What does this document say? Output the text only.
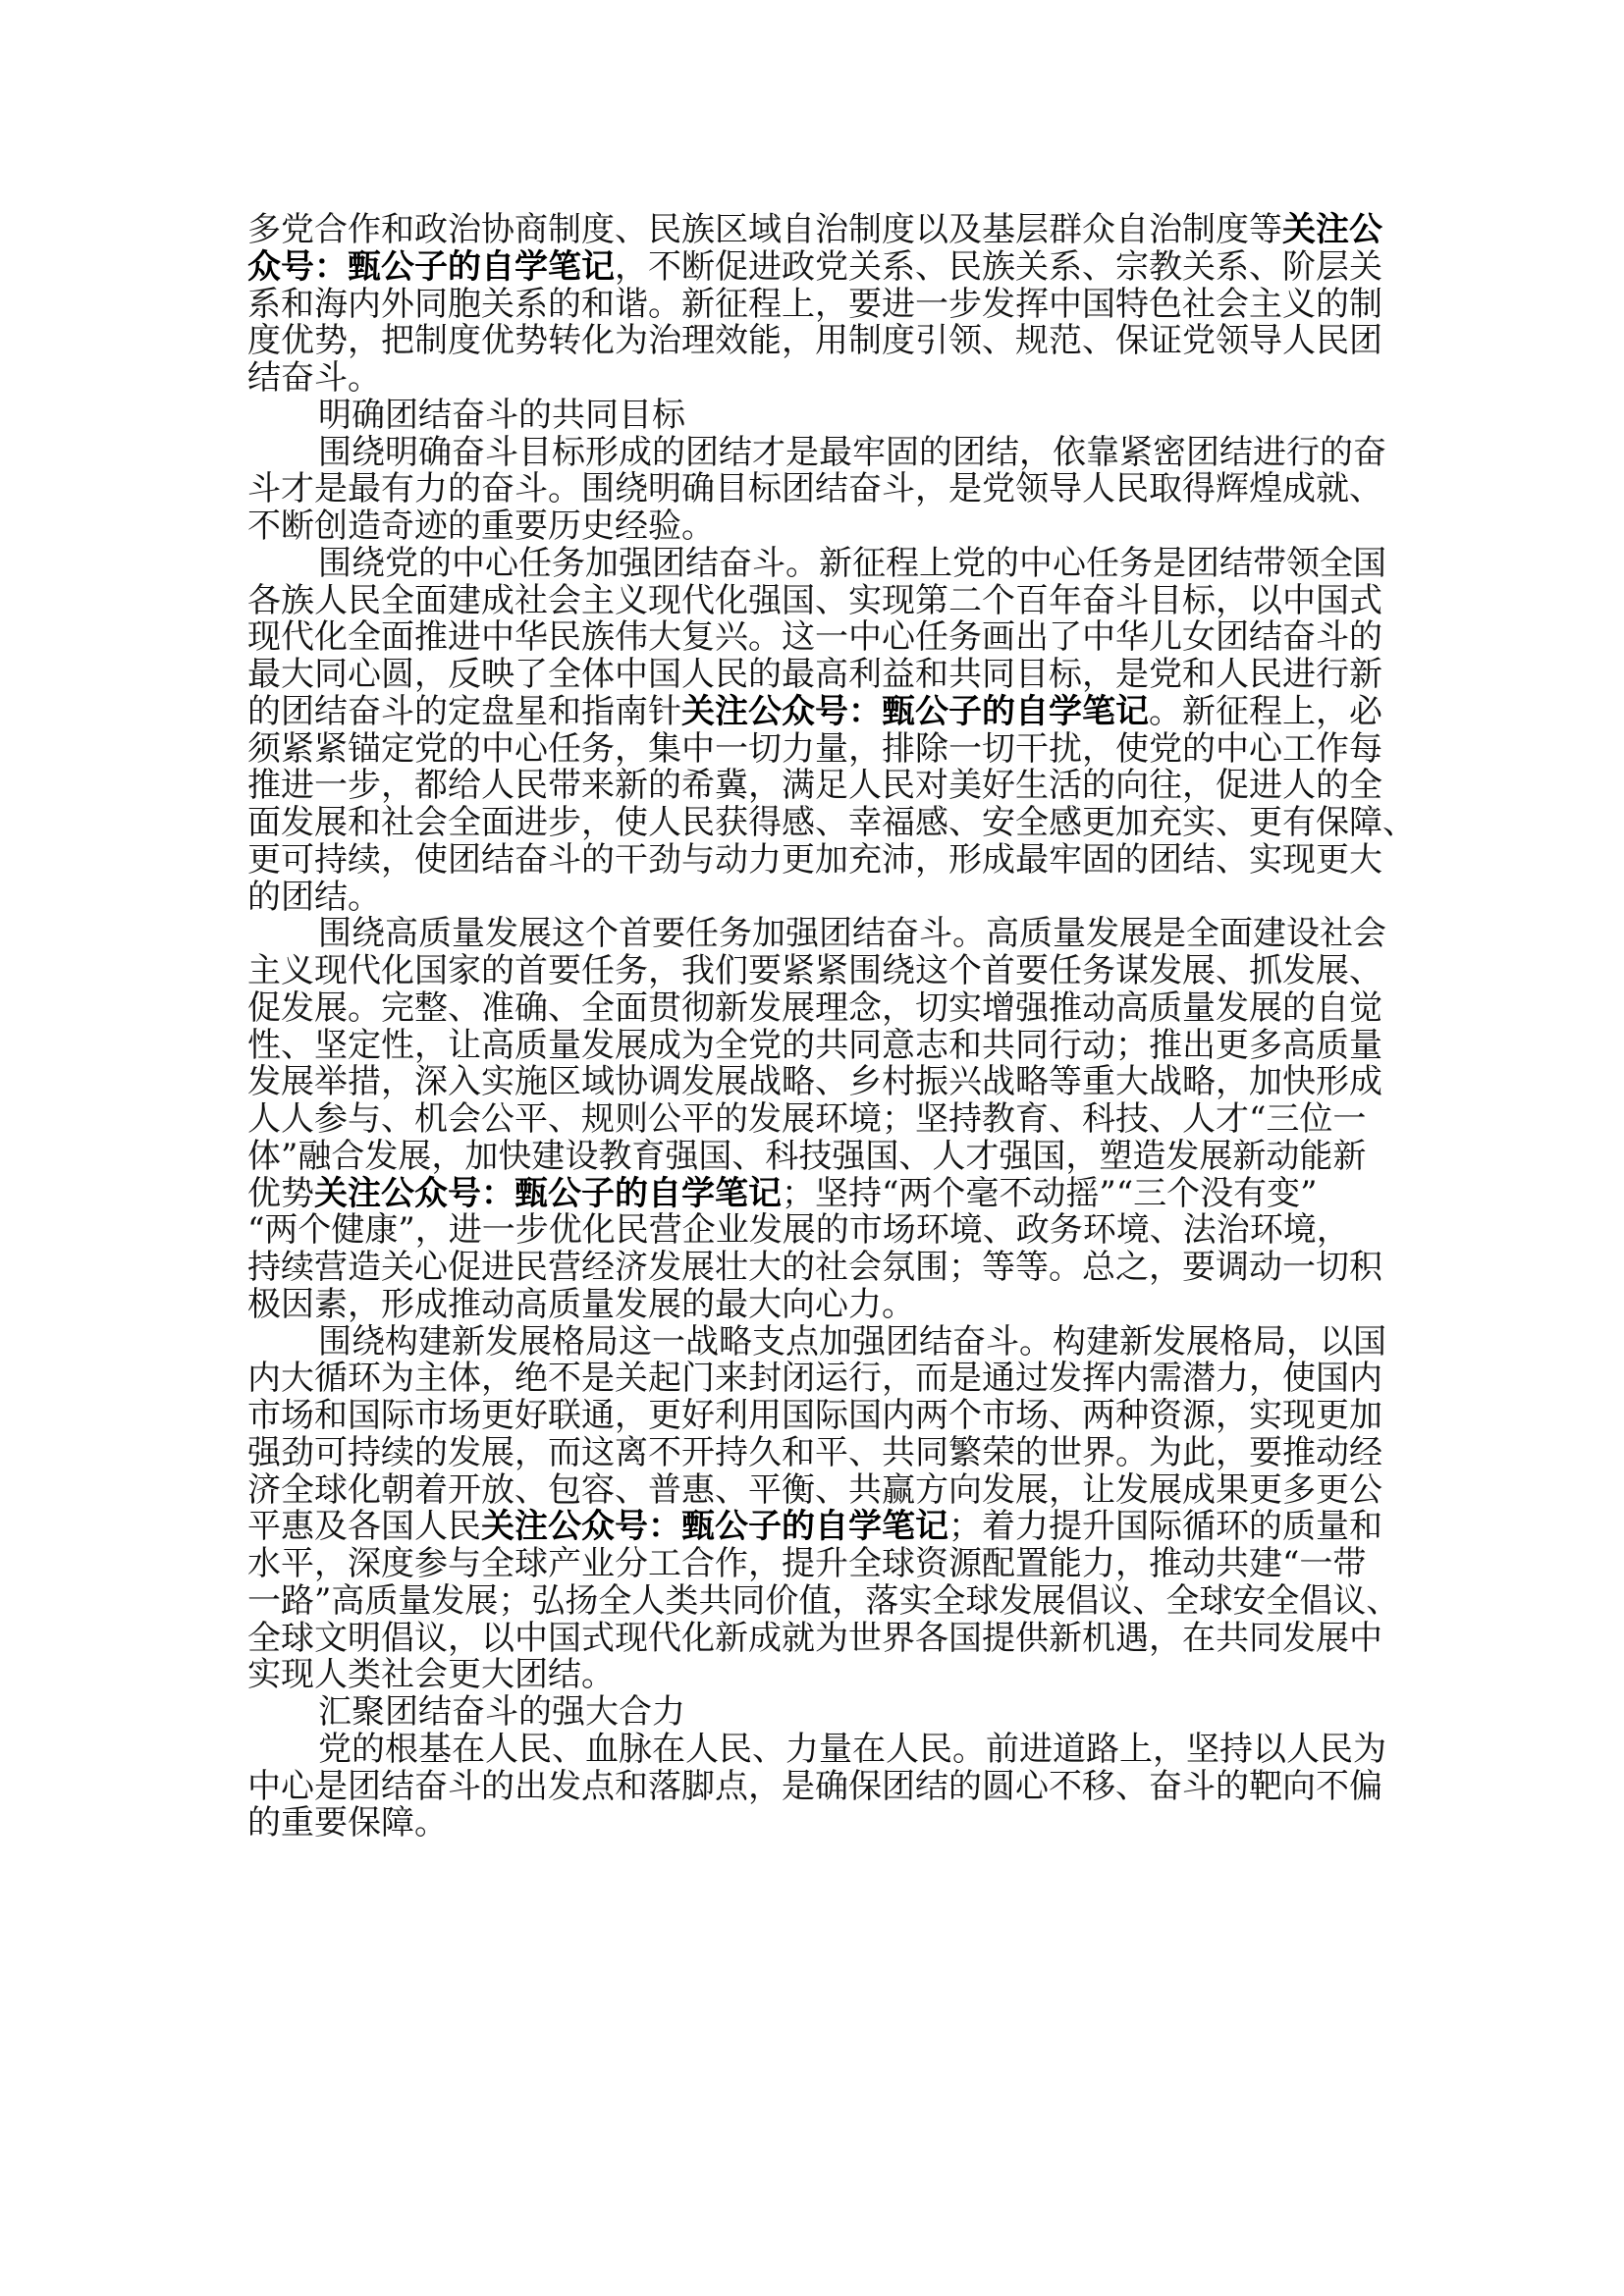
多党合作和政治协商制度、民族区域自治制度以及基层群众自治制度等关注公
众号：甄公子的自学笔记，不断促进政党关系、民族关系、宗教关系、阶层关
系和海内外同胞关系的和谐。新征程上，要进一步发挥中国特色社会主义的制
度优势，把制度优势转化为治理效能，用制度引领、规范、保证党领导人民团
结奋斗。
明确团结奋斗的共同目标
围绕明确奋斗目标形成的团结才是最牢固的团结，依靠紧密团结进行的奋
斗才是最有力的奋斗。围绕明确目标团结奋斗，是党领导人民取得辉煌成就、
不断创造奇迹的重要历史经验。
围绕党的中心任务加强团结奋斗。新征程上党的中心任务是团结带领全国
各族人民全面建成社会主义现代化强国、实现第二个百年奋斗目标，以中国式
现代化全面推进中华民族伟大复兴。这一中心任务画出了中华儿女团结奋斗的
最大同心圆，反映了全体中国人民的最高利益和共同目标，是党和人民进行新
的团结奋斗的定盘星和指南针关注公众号：甄公子的自学笔记。新征程上，必
须紧紧锚定党的中心任务，集中一切力量，排除一切干扰，使党的中心工作每
推进一步，都给人民带来新的希冀，满足人民对美好生活的向往，促进人的全
面发展和社会全面进步，使人民获得感、幸福感、安全感更加充实、更有保障、
更可持续，使团结奋斗的干劲与动力更加充沛，形成最牢固的团结、实现更大
的团结。
围绕高质量发展这个首要任务加强团结奋斗。高质量发展是全面建设社会
主义现代化国家的首要任务，我们要紧紧围绕这个首要任务谋发展、抓发展、
促发展。完整、准确、全面贯彻新发展理念，切实增强推动高质量发展的自觉
性、坚定性，让高质量发展成为全党的共同意志和共同行动；推出更多高质量
发展举措，深入实施区域协调发展战略、乡村振兴战略等重大战略，加快形成
人人参与、机会公平、规则公平的发展环境；坚持教育、科技、人才“三位一
体”融合发展，加快建设教育强国、科技强国、人才强国，塑造发展新动能新
优势关注公众号：甄公子的自学笔记；坚持“两个毫不动摇”“三个没有变”
“两个健康”，进一步优化民营企业发展的市场环境、政务环境、法治环境，
持续营造关心促进民营经济发展壮大的社会氛围；等等。总之，要调动一切积
极因素，形成推动高质量发展的最大向心力。
围绕构建新发展格局这一战略支点加强团结奋斗。构建新发展格局，以国
内大循环为主体，绝不是关起门来封闭运行，而是通过发挥内需潜力，使国内
市场和国际市场更好联通，更好利用国际国内两个市场、两种资源，实现更加
强劲可持续的发展，而这离不开持久和平、共同繁荣的世界。为此，要推动经
济全球化朝着开放、包容、普惠、平衡、共赢方向发展，让发展成果更多更公
平惠及各国人民关注公众号：甄公子的自学笔记；着力提升国际循环的质量和
水平，深度参与全球产业分工合作，提升全球资源配置能力，推动共建“一带
一路”高质量发展；弘扬全人类共同价值，落实全球发展倡议、全球安全倡议、
全球文明倡议，以中国式现代化新成就为世界各国提供新机遇，在共同发展中
实现人类社会更大团结。
汇聚团结奋斗的强大合力
党的根基在人民、血脉在人民、力量在人民。前进道路上，坚持以人民为
中心是团结奋斗的出发点和落脚点，是确保团结的圆心不移、奋斗的靶向不偏
的重要保障。
